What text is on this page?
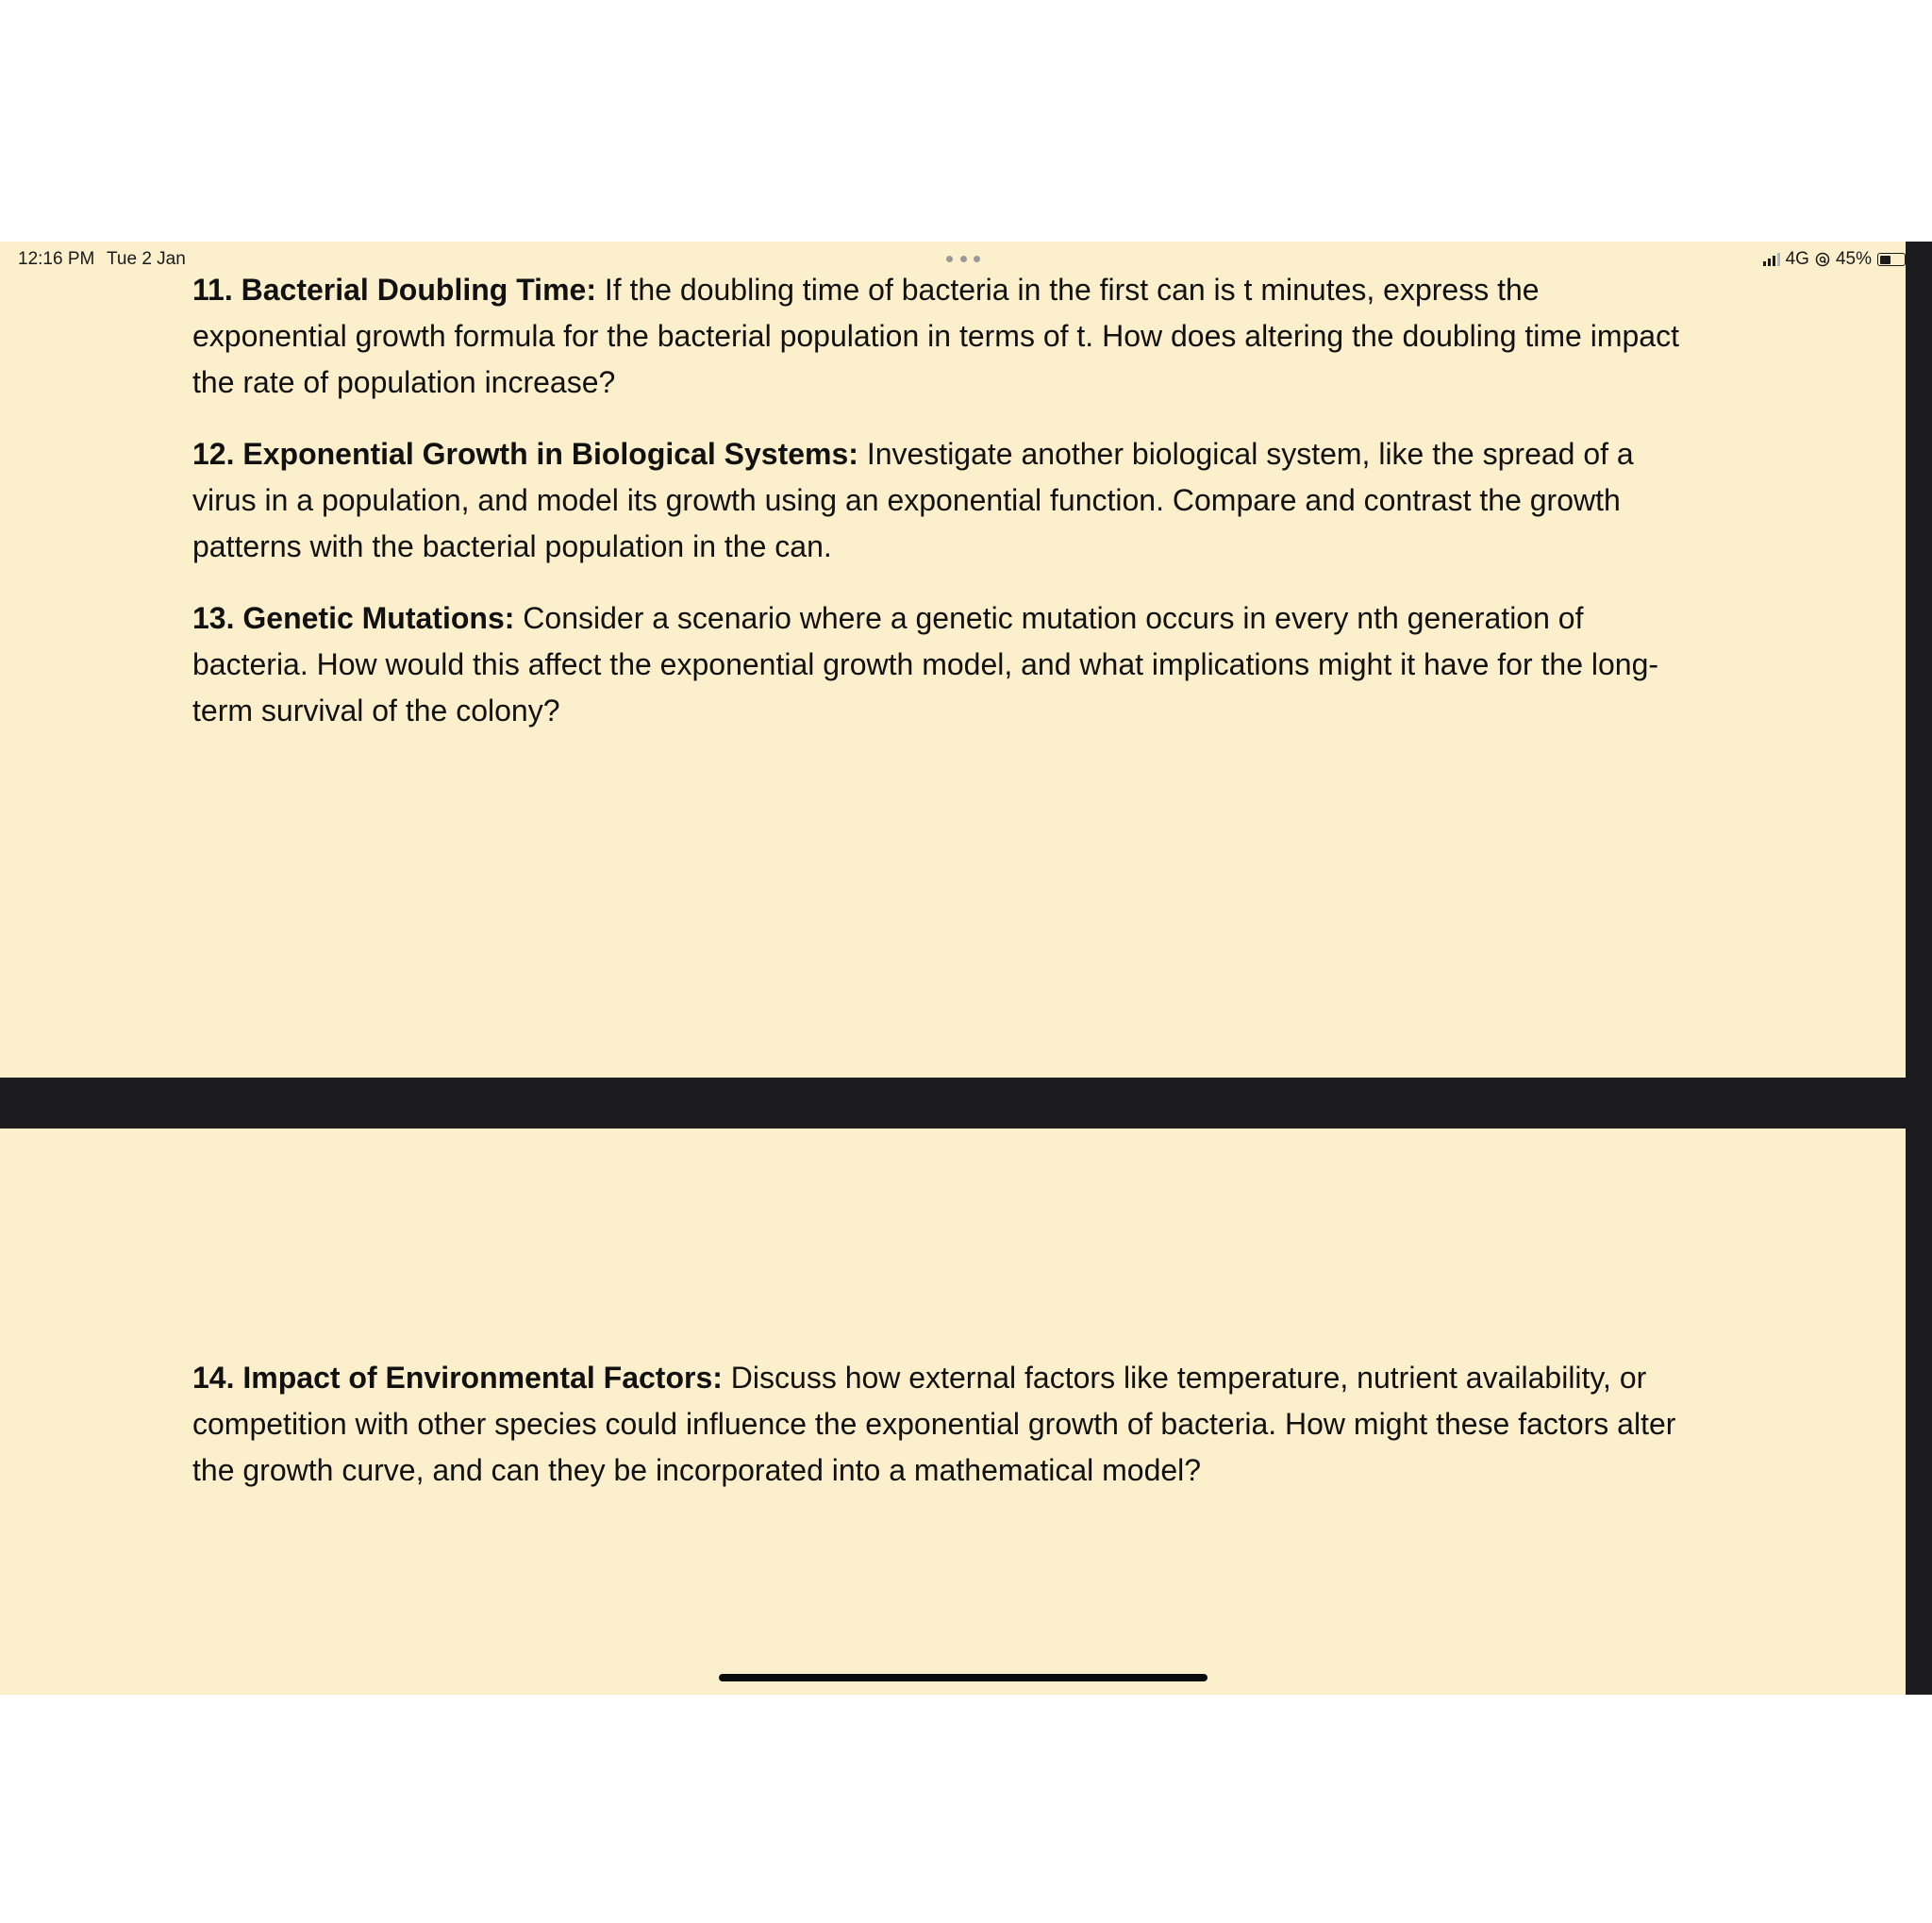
12:16 PM Tue 2 Jan	4G 45%

11. Bacterial Doubling Time: If the doubling time of bacteria in the first can is t minutes, express the exponential growth formula for the bacterial population in terms of t. How does altering the doubling time impact the rate of population increase?

12. Exponential Growth in Biological Systems: Investigate another biological system, like the spread of a virus in a population, and model its growth using an exponential function. Compare and contrast the growth patterns with the bacterial population in the can.

13. Genetic Mutations: Consider a scenario where a genetic mutation occurs in every nth generation of bacteria. How would this affect the exponential growth model, and what implications might it have for the long-term survival of the colony?

14. Impact of Environmental Factors: Discuss how external factors like temperature, nutrient availability, or competition with other species could influence the exponential growth of bacteria. How might these factors alter the growth curve, and can they be incorporated into a mathematical model?
